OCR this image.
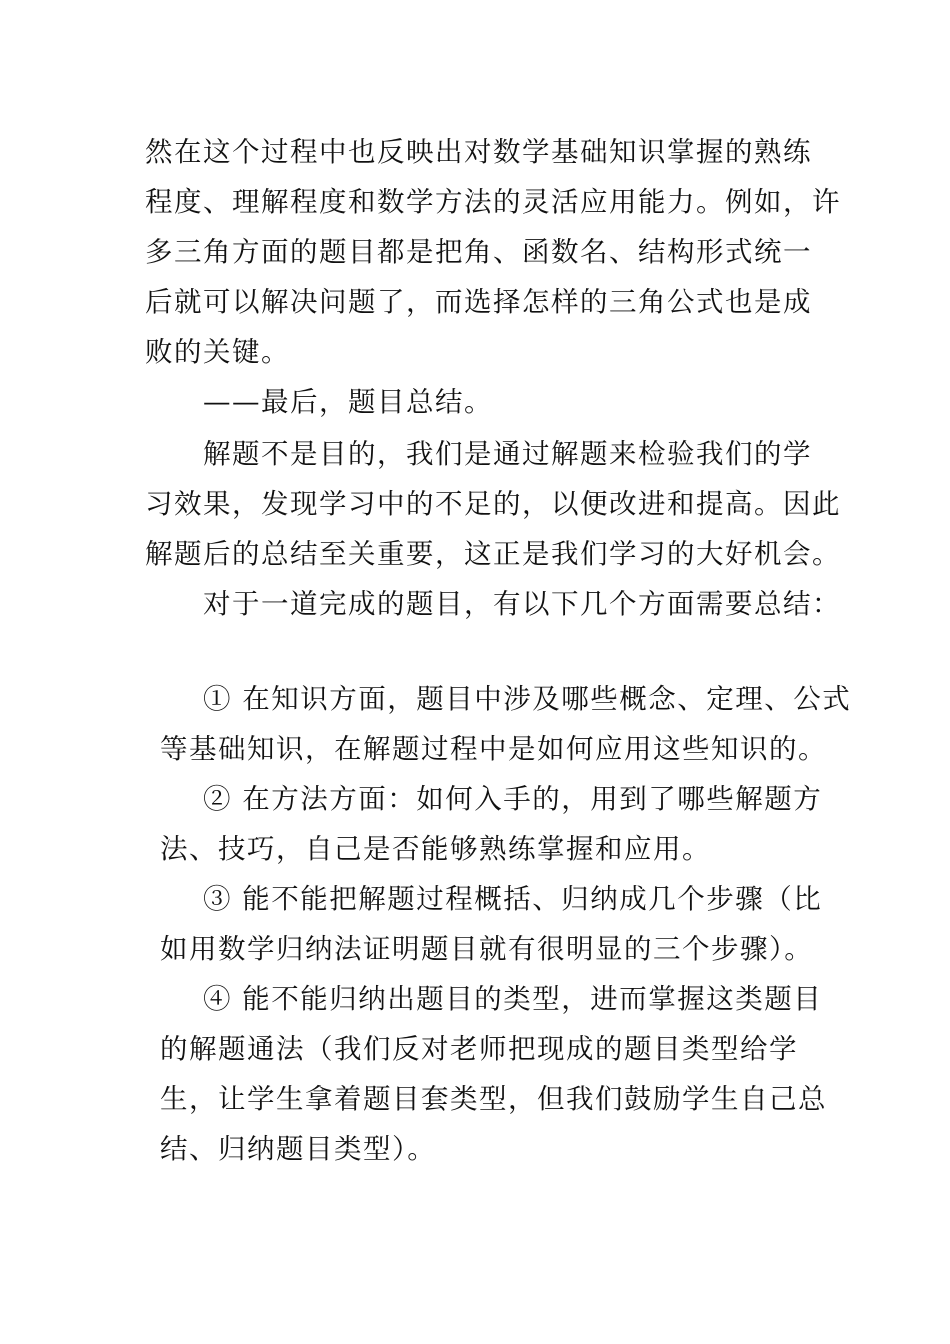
然在这个过程中也反映出对数学基础知识掌握的熟练
程度、理解程度和数学方法的灵活应用能力。例如，许
多三角方面的题目都是把角、函数名、结构形式统一
后就可以解决问题了，而选择怎样的三角公式也是成
败的关键。
——最后，题目总结。
解题不是目的，我们是通过解题来检验我们的学
习效果，发现学习中的不足的，以便改进和提高。因此
解题后的总结至关重要，这正是我们学习的大好机会。
对于一道完成的题目，有以下几个方面需要总结：
① 在知识方面，题目中涉及哪些概念、定理、公式
等基础知识，在解题过程中是如何应用这些知识的。
② 在方法方面：如何入手的，用到了哪些解题方
法、技巧，自己是否能够熟练掌握和应用。
③ 能不能把解题过程概括、归纳成几个步骤（比
如用数学归纳法证明题目就有很明显的三个步骤）。
④ 能不能归纳出题目的类型，进而掌握这类题目
的解题通法（我们反对老师把现成的题目类型给学
生，让学生拿着题目套类型，但我们鼓励学生自己总
结、归纳题目类型）。
